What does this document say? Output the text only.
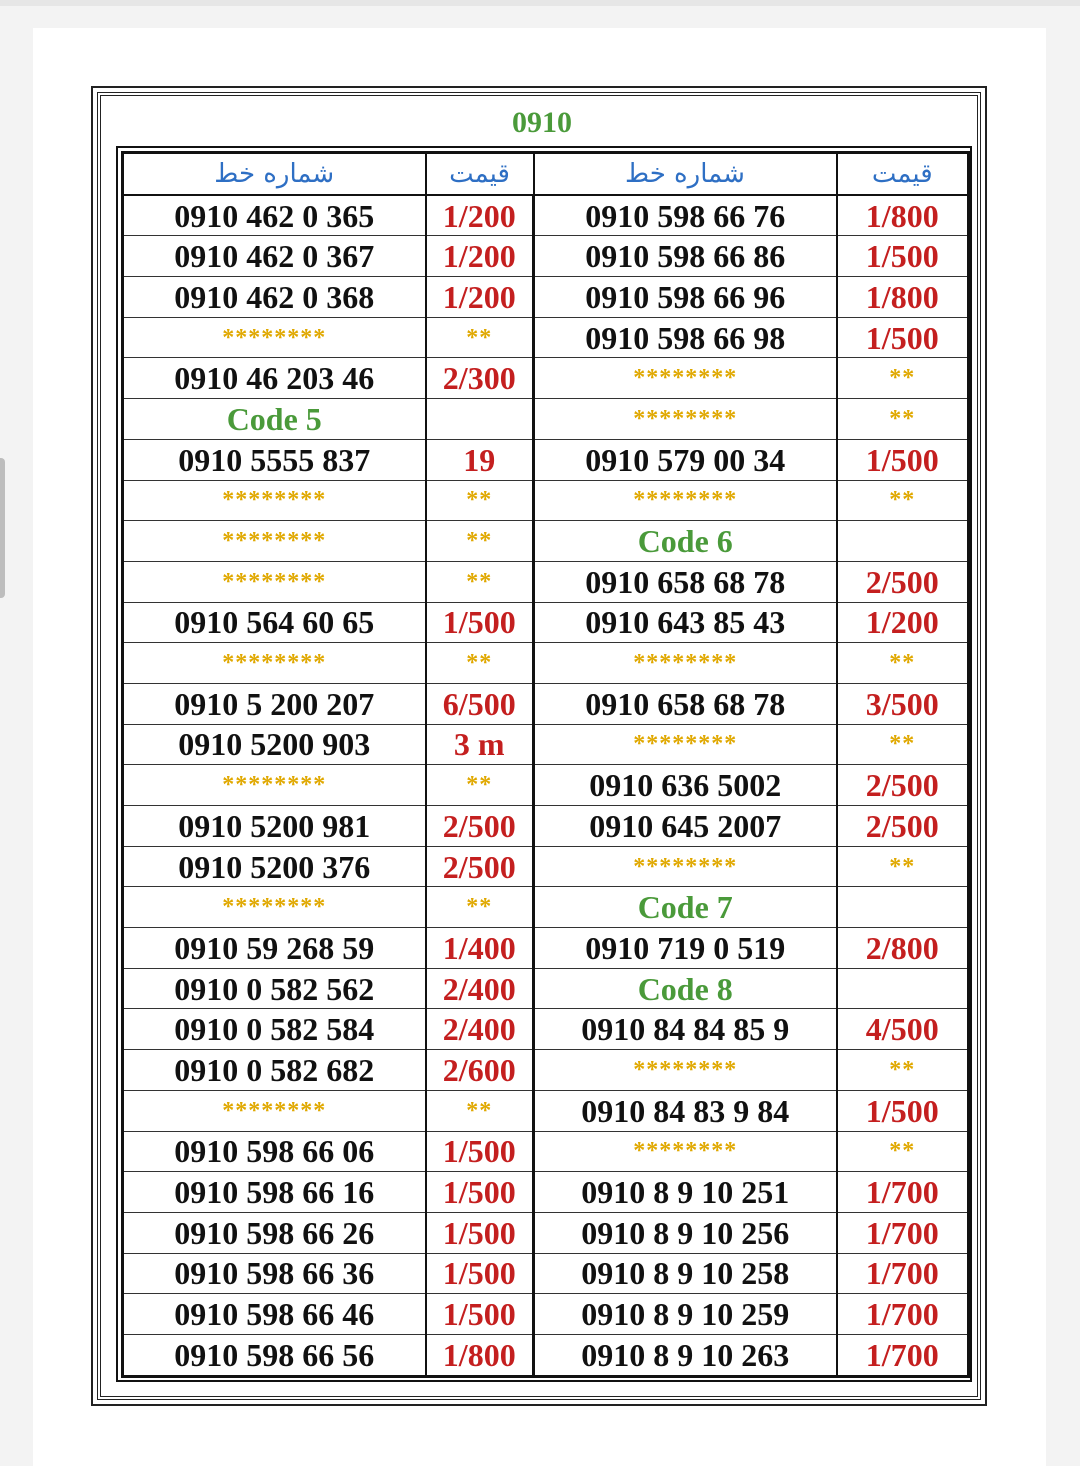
0910
شماره خط	قیمت	شماره خط	قیمت
0910 462 0 365	1/200	0910 598 66 76	1/800
0910 462 0 367	1/200	0910 598 66 86	1/500
0910 462 0 368	1/200	0910 598 66 96	1/800
********	**	0910 598 66 98	1/500
0910 46 203 46	2/300	********	**
Code 5		********	**
0910 5555 837	19	0910 579 00 34	1/500
********	**	********	**
********	**	Code 6	
********	**	0910 658 68 78	2/500
0910 564 60 65	1/500	0910 643 85 43	1/200
********	**	********	**
0910 5 200 207	6/500	0910 658 68 78	3/500
0910 5200 903	3 m	********	**
********	**	0910 636 5002	2/500
0910 5200 981	2/500	0910 645 2007	2/500
0910 5200 376	2/500	********	**
********	**	Code 7	
0910 59 268 59	1/400	0910 719 0 519	2/800
0910 0 582 562	2/400	Code 8	
0910 0 582 584	2/400	0910 84 84 85 9	4/500
0910 0 582 682	2/600	********	**
********	**	0910 84 83 9 84	1/500
0910 598 66 06	1/500	********	**
0910 598 66 16	1/500	0910 8 9 10 251	1/700
0910 598 66 26	1/500	0910 8 9 10 256	1/700
0910 598 66 36	1/500	0910 8 9 10 258	1/700
0910 598 66 46	1/500	0910 8 9 10 259	1/700
0910 598 66 56	1/800	0910 8 9 10 263	1/700
